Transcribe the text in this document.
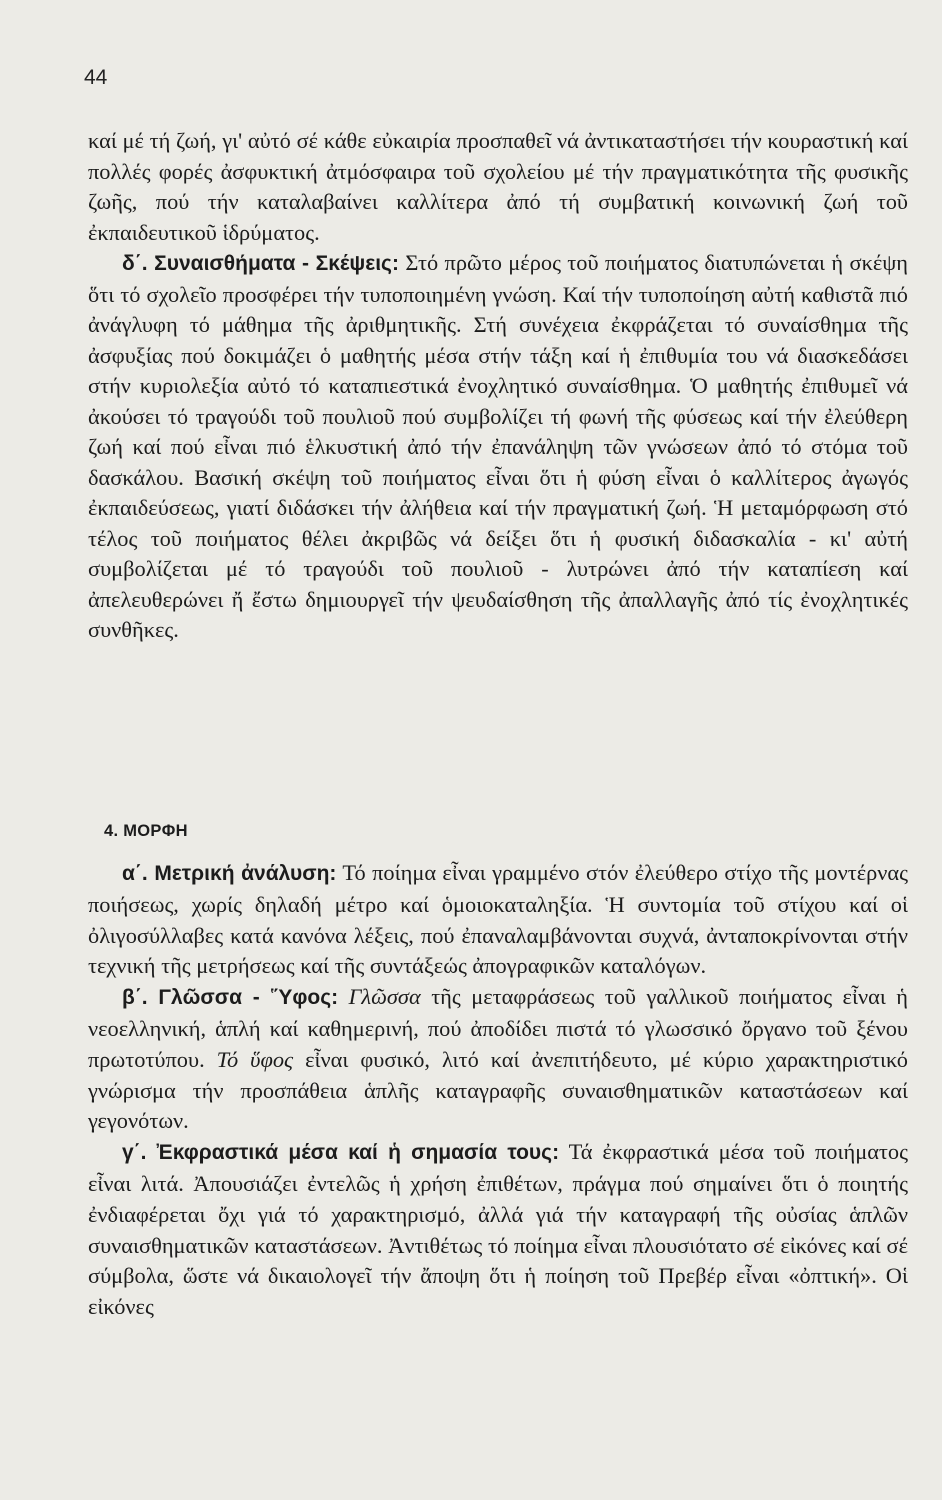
44

καί μέ τή ζωή, γι' αὐτό σέ κάθε εὐκαιρία προσπαθεῖ νά ἀντικαταστήσει τήν κουραστική καί πολλές φορές ἀσφυκτική ἀτμόσφαιρα τοῦ σχολείου μέ τήν πραγματικότητα τῆς φυσικῆς ζωῆς, πού τήν καταλαβαίνει καλλίτερα ἀπό τή συμβατική κοινωνική ζωή τοῦ ἐκπαιδευτικοῦ ἱδρύματος.

δ΄. Συναισθήματα - Σκέψεις: Στό πρῶτο μέρος τοῦ ποιήματος διατυπώνεται ἡ σκέψη ὅτι τό σχολεῖο προσφέρει τήν τυποποιημένη γνώση. Καί τήν τυποποίηση αὐτή καθιστᾶ πιό ἀνάγλυφη τό μάθημα τῆς ἀριθμητικῆς. Στή συνέχεια ἐκφράζεται τό συναίσθημα τῆς ἀσφυξίας πού δοκιμάζει ὁ μαθητής μέσα στήν τάξη καί ἡ ἐπιθυμία του νά διασκεδάσει στήν κυριολεξία αὐτό τό καταπιεστικά ἐνοχλητικό συναίσθημα. Ὁ μαθητής ἐπιθυμεῖ νά ἀκούσει τό τραγούδι τοῦ πουλιοῦ πού συμβολίζει τή φωνή τῆς φύσεως καί τήν ἐλεύθερη ζωή καί πού εἶναι πιό ἑλκυστική ἀπό τήν ἐπανάληψη τῶν γνώσεων ἀπό τό στόμα τοῦ δασκάλου. Βασική σκέψη τοῦ ποιήματος εἶναι ὅτι ἡ φύση εἶναι ὁ καλλίτερος ἀγωγός ἐκπαιδεύσεως, γιατί διδάσκει τήν ἀλήθεια καί τήν πραγματική ζωή. Ἡ μεταμόρφωση στό τέλος τοῦ ποιήματος θέλει ἀκριβῶς νά δείξει ὅτι ἡ φυσική διδασκαλία - κι' αὐτή συμβολίζεται μέ τό τραγούδι τοῦ πουλιοῦ - λυτρώνει ἀπό τήν καταπίεση καί ἀπελευθερώνει ἤ ἔστω δημιουργεῖ τήν ψευδαίσθηση τῆς ἀπαλλαγῆς ἀπό τίς ἐνοχλητικές συνθῆκες.

4. ΜΟΡΦΗ

α΄. Μετρική ἀνάλυση: Τό ποίημα εἶναι γραμμένο στόν ἐλεύθερο στίχο τῆς μοντέρνας ποιήσεως, χωρίς δηλαδή μέτρο καί ὁμοιοκαταληξία. Ἡ συντομία τοῦ στίχου καί οἱ ὀλιγοσύλλαβες κατά κανόνα λέξεις, πού ἐπαναλαμβάνονται συχνά, ἀνταποκρίνονται στήν τεχνική τῆς μετρήσεως καί τῆς συντάξεώς ἀπογραφικῶν καταλόγων.

β΄. Γλῶσσα - Ὕφος: Γλῶσσα τῆς μεταφράσεως τοῦ γαλλικοῦ ποιήματος εἶναι ἡ νεοελληνική, ἁπλή καί καθημερινή, πού ἀποδίδει πιστά τό γλωσσικό ὄργανο τοῦ ξένου πρωτοτύπου. Τό ὕφος εἶναι φυσικό, λιτό καί ἀνεπιτήδευτο, μέ κύριο χαρακτηριστικό γνώρισμα τήν προσπάθεια ἁπλῆς καταγραφῆς συναισθηματικῶν καταστάσεων καί γεγονότων.

γ΄. Ἐκφραστικά μέσα καί ἡ σημασία τους: Τά ἐκφραστικά μέσα τοῦ ποιήματος εἶναι λιτά. Ἀπουσιάζει ἐντελῶς ἡ χρήση ἐπιθέτων, πράγμα πού σημαίνει ὅτι ὁ ποιητής ἐνδιαφέρεται ὄχι γιά τό χαρακτηρισμό, ἀλλά γιά τήν καταγραφή τῆς οὐσίας ἁπλῶν συναισθηματικῶν καταστάσεων. Ἀντιθέτως τό ποίημα εἶναι πλουσιότατο σέ εἰκόνες καί σέ σύμβολα, ὥστε νά δικαιολογεῖ τήν ἄποψη ὅτι ἡ ποίηση τοῦ Πρεβέρ εἶναι «ὀπτική». Οἱ εἰκόνες
